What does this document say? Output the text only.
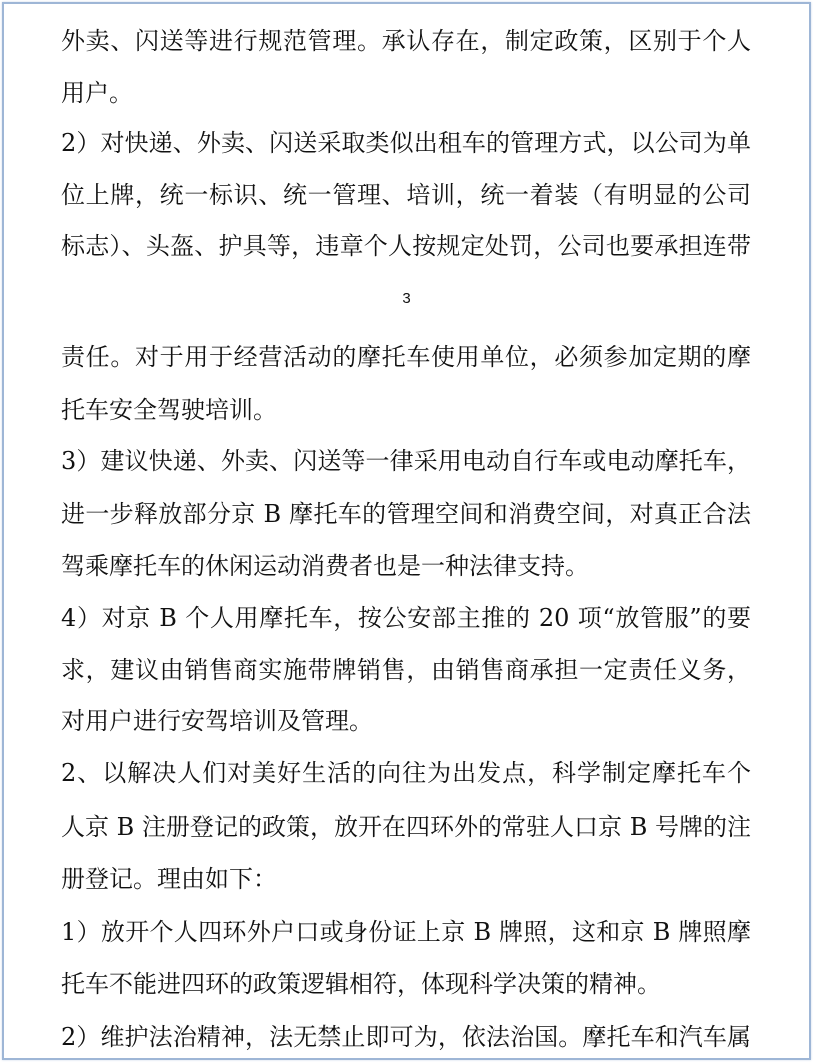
外卖、闪送等进行规范管理。承认存在，制定政策，区别于个人
用户。
2）对快递、外卖、闪送采取类似出租车的管理方式，以公司为单
位上牌，统一标识、统一管理、培训，统一着装（有明显的公司
标志）、头盔、护具等，违章个人按规定处罚，公司也要承担连带
3
责任。对于用于经营活动的摩托车使用单位，必须参加定期的摩
托车安全驾驶培训。
3）建议快递、外卖、闪送等一律采用电动自行车或电动摩托车，
进一步释放部分京 B 摩托车的管理空间和消费空间，对真正合法
驾乘摩托车的休闲运动消费者也是一种法律支持。
4）对京 B 个人用摩托车，按公安部主推的 20 项“放管服”的要
求，建议由销售商实施带牌销售，由销售商承担一定责任义务，
对用户进行安驾培训及管理。
2、以解决人们对美好生活的向往为出发点，科学制定摩托车个
人京 B 注册登记的政策，放开在四环外的常驻人口京 B 号牌的注
册登记。理由如下：
1）放开个人四环外户口或身份证上京 B 牌照，这和京 B 牌照摩
托车不能进四环的政策逻辑相符，体现科学决策的精神。
2）维护法治精神，法无禁止即可为，依法治国。摩托车和汽车属
